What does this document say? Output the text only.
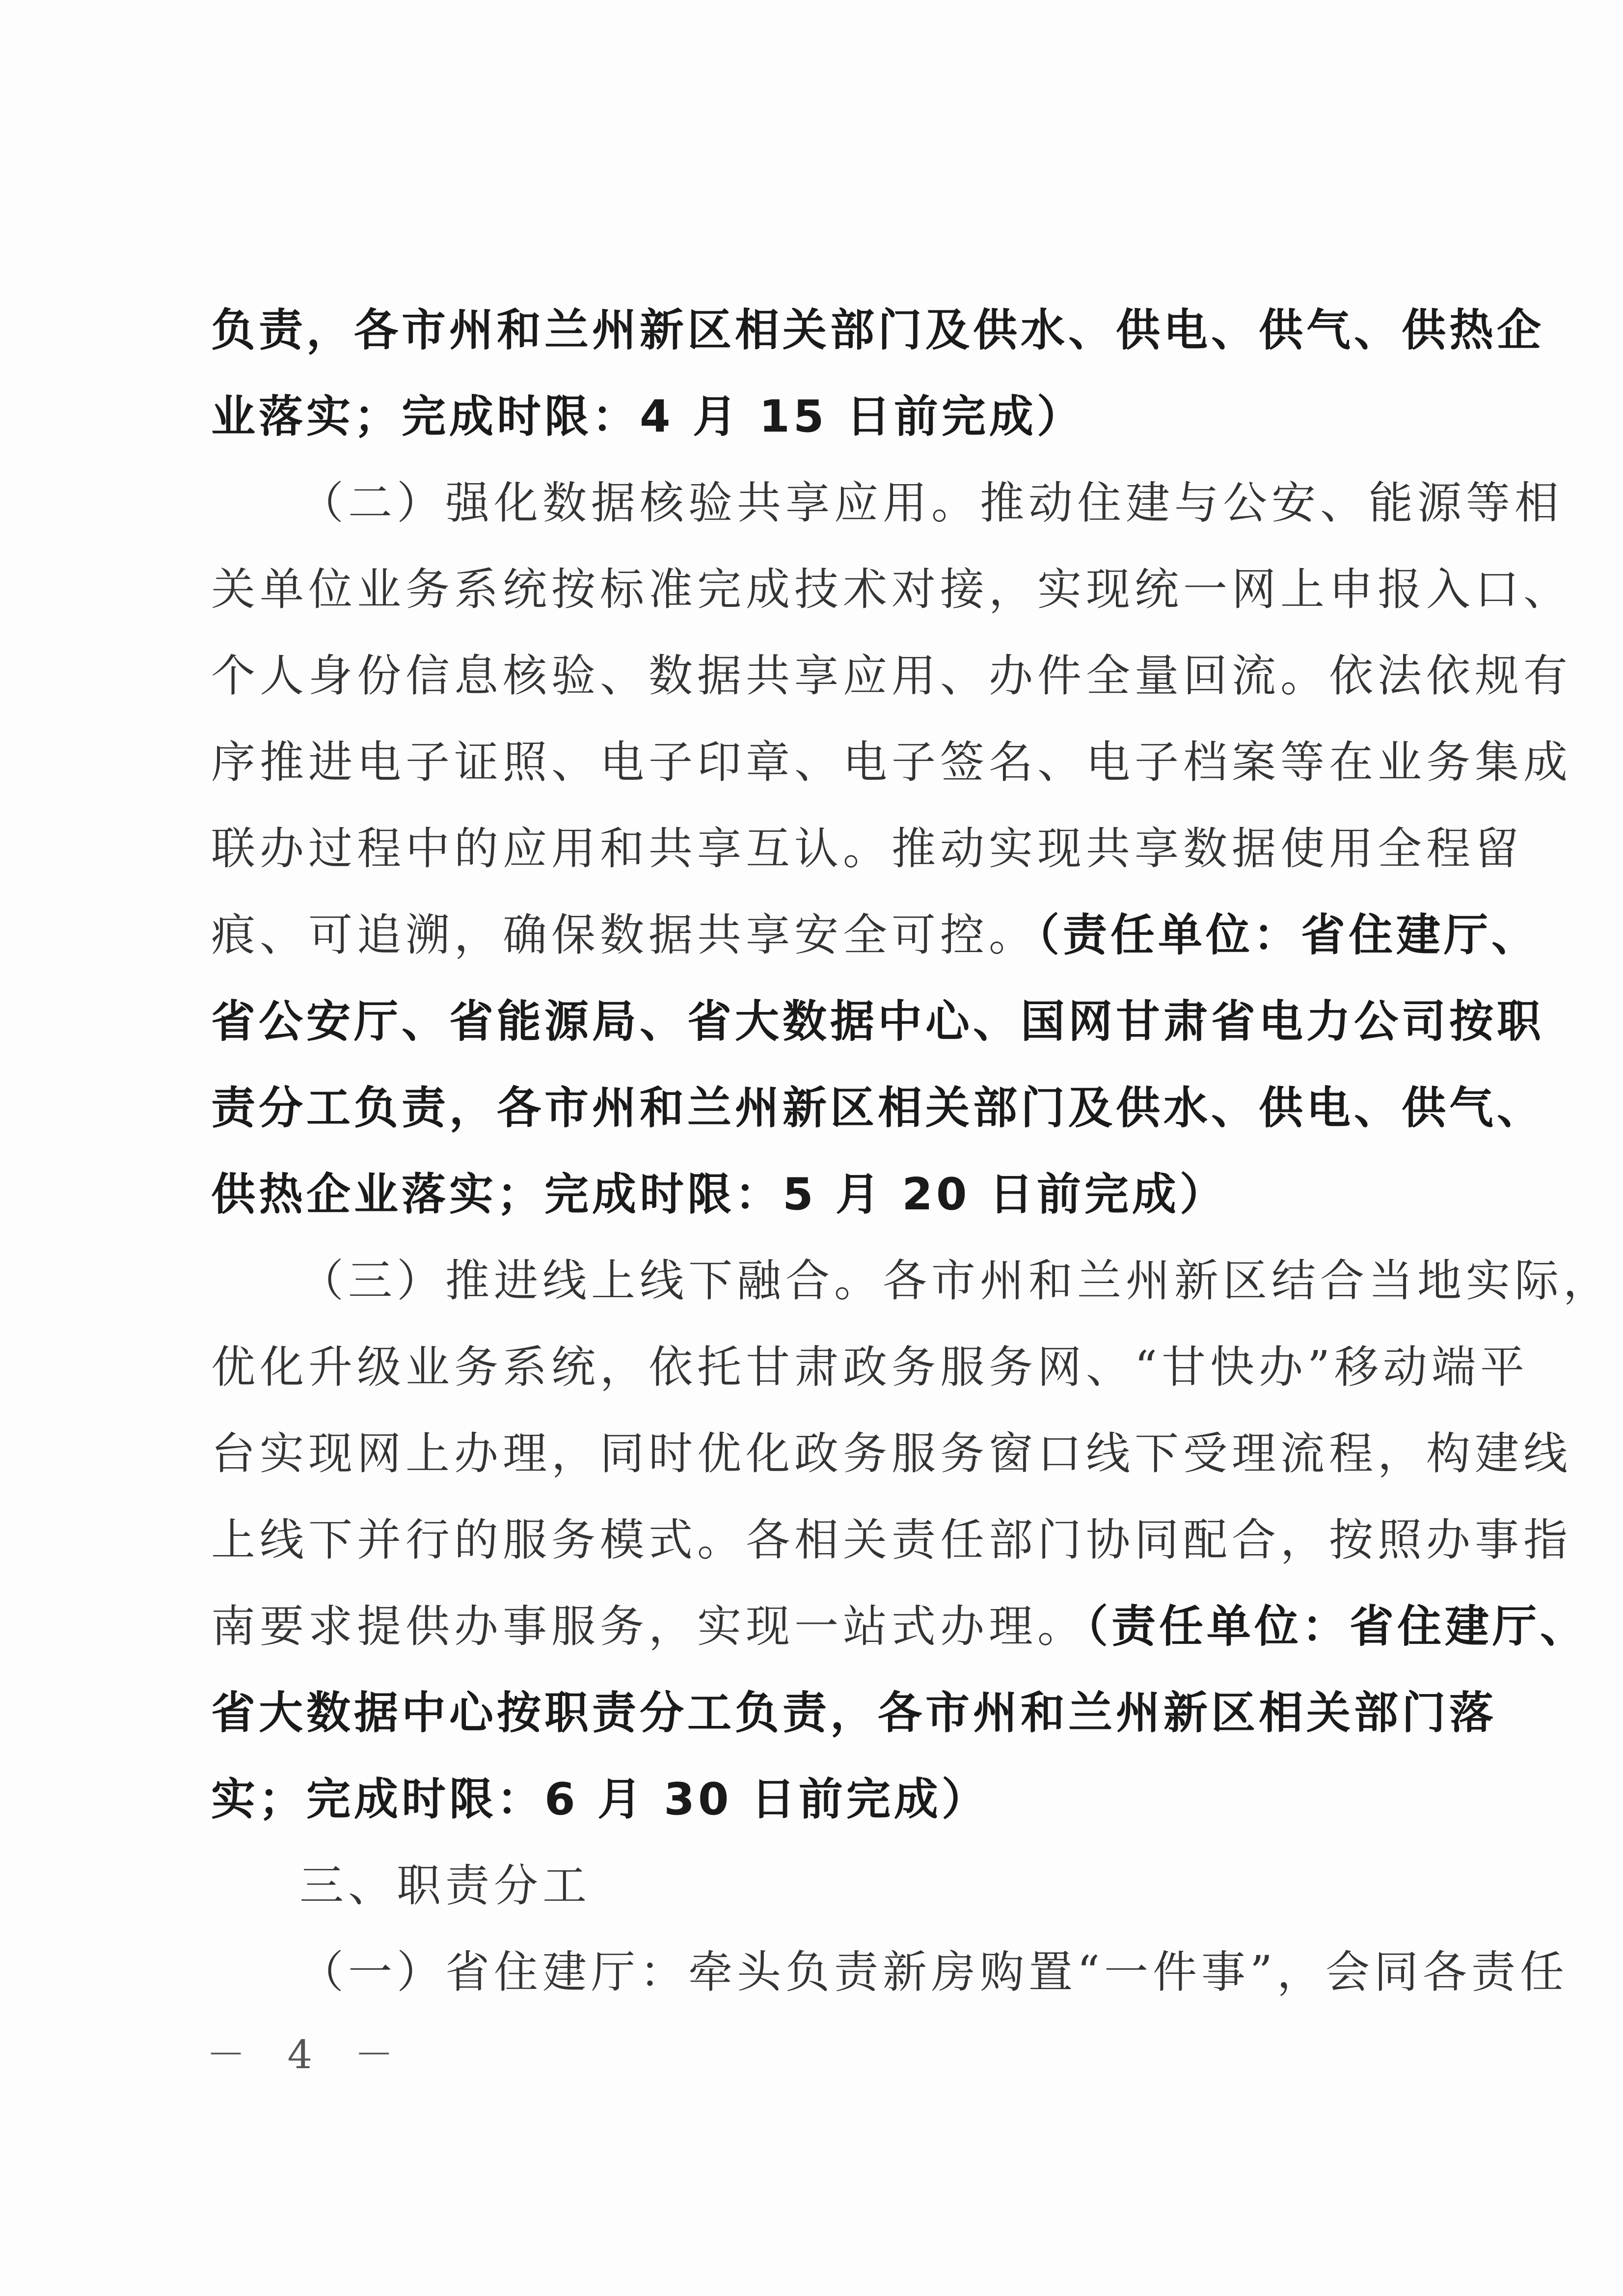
负责，各市州和兰州新区相关部门及供水、供电、供气、供热企
业落实；完成时限：4 月 15 日前完成）
（二）强化数据核验共享应用。推动住建与公安、能源等相
关单位业务系统按标准完成技术对接，实现统一网上申报入口、
个人身份信息核验、数据共享应用、办件全量回流。依法依规有
序推进电子证照、电子印章、电子签名、电子档案等在业务集成
联办过程中的应用和共享互认。推动实现共享数据使用全程留
痕、可追溯，确保数据共享安全可控。（责任单位：省住建厅、
省公安厅、省能源局、省大数据中心、国网甘肃省电力公司按职
责分工负责，各市州和兰州新区相关部门及供水、供电、供气、
供热企业落实；完成时限：5 月 20 日前完成）
（三）推进线上线下融合。各市州和兰州新区结合当地实际，
优化升级业务系统，依托甘肃政务服务网、“甘快办”移动端平
台实现网上办理，同时优化政务服务窗口线下受理流程，构建线
上线下并行的服务模式。各相关责任部门协同配合，按照办事指
南要求提供办事服务，实现一站式办理。（责任单位：省住建厅、
省大数据中心按职责分工负责，各市州和兰州新区相关部门落
实；完成时限：6 月 30 日前完成）
三、职责分工
（一）省住建厅：牵头负责新房购置“一件事”，会同各责任
－ 4 －
